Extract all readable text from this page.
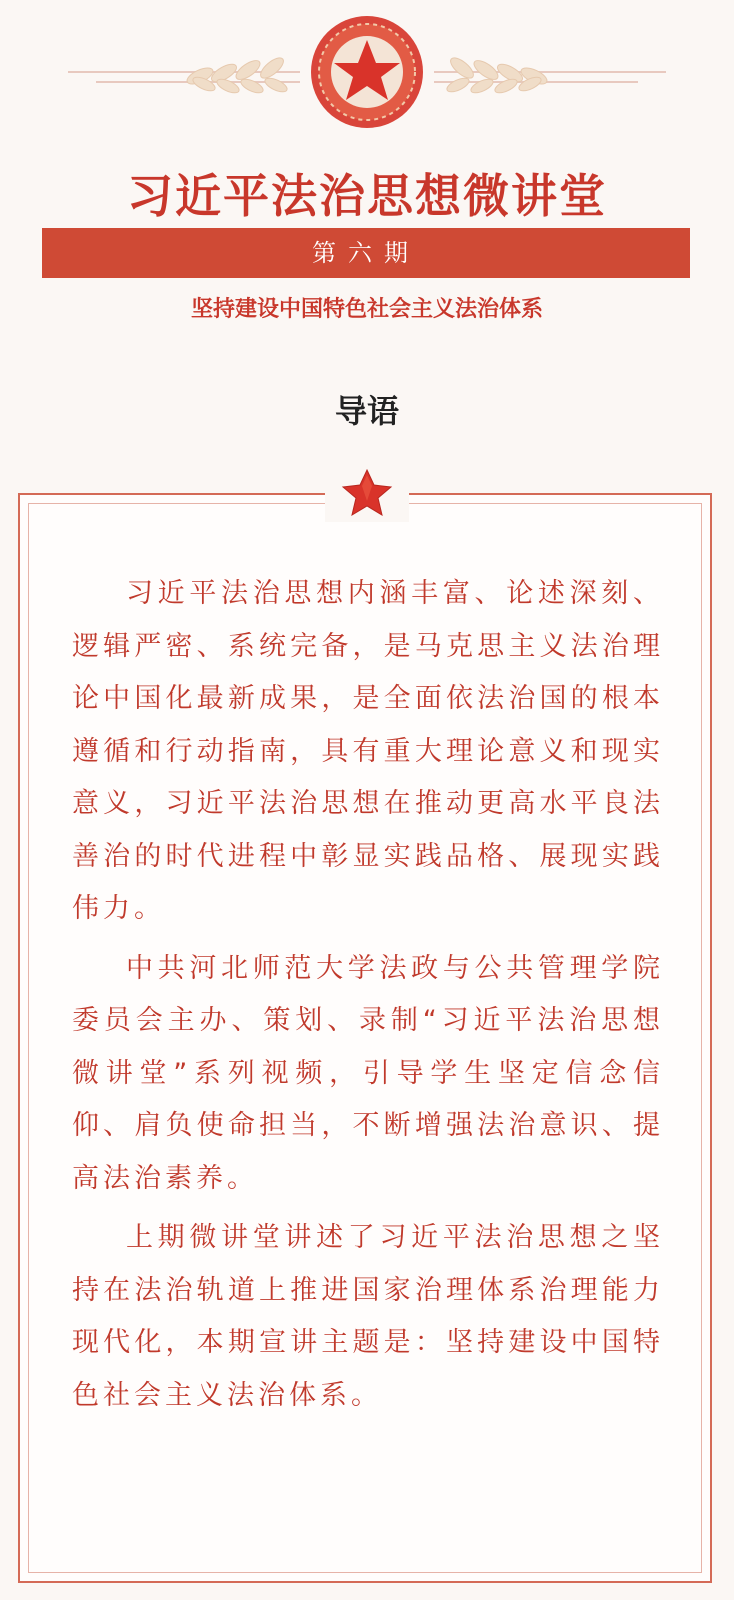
习近平法治思想微讲堂
第六期
坚持建设中国特色社会主义法治体系
导语

习近平法治思想内涵丰富、论述深刻、逻辑严密、系统完备，是马克思主义法治理论中国化最新成果，是全面依法治国的根本遵循和行动指南，具有重大理论意义和现实意义，习近平法治思想在推动更高水平良法善治的时代进程中彰显实践品格、展现实践伟力。

中共河北师范大学法政与公共管理学院委员会主办、策划、录制“习近平法治思想微讲堂”系列视频，引导学生坚定信念信仰、肩负使命担当，不断增强法治意识、提高法治素养。

上期微讲堂讲述了习近平法治思想之坚持在法治轨道上推进国家治理体系治理能力现代化，本期宣讲主题是：坚持建设中国特色社会主义法治体系。
